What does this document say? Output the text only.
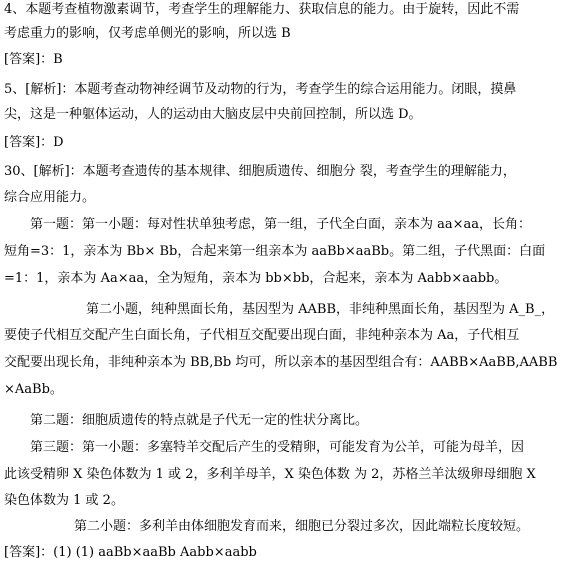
4、本题考查植物激素调节，考查学生的理解能力、获取信息的能力。由于旋转，因此不需
考虑重力的影响，仅考虑单侧光的影响，所以选 B
[答案]：B
5、[解析]：本题考查动物神经调节及动物的行为，考查学生的综合运用能力。闭眼，摸鼻
尖，这是一种躯体运动，人的运动由大脑皮层中央前回控制，所以选 D。
[答案]：D
30、[解析]：本题考查遗传的基本规律、细胞质遗传、细胞分 裂，考查学生的理解能力，
综合应用能力。
第一题：第一小题：每对性状单独考虑，第一组，子代全白面，亲本为 aa×aa，长角：
短角=3：1，亲本为 Bb× Bb，合起来第一组亲本为 aaBb×aaBb。第二组，子代黑面：白面
=1：1，亲本为 Aa×aa，全为短角，亲本为 bb×bb，合起来，亲本为 Aabb×aabb。
第二小题，纯种黑面长角，基因型为 AABB，非纯种黑面长角，基因型为 A_B_，
要使子代相互交配产生白面长角，子代相互交配要出现白面，非纯种亲本为 Aa，子代相互
交配要出现长角，非纯种亲本为 BB,Bb 均可，所以亲本的基因型组合有：AABB×AaBB,AABB
×AaBb。
第二题：细胞质遗传的特点就是子代无一定的性状分离比。
第三题：第一小题：多塞特羊交配后产生的受精卵，可能发育为公羊，可能为母羊，因
此该受精卵 X 染色体数为 1 或 2，多利羊母羊，X 染色体数 为 2，苏格兰羊汰级卵母细胞 X
染色体数为 1 或 2。
第二小题：多利羊由体细胞发育而来，细胞已分裂过多次，因此端粒长度较短。
[答案]：(1) (1) aaBb×aaBb Aabb×aabb
